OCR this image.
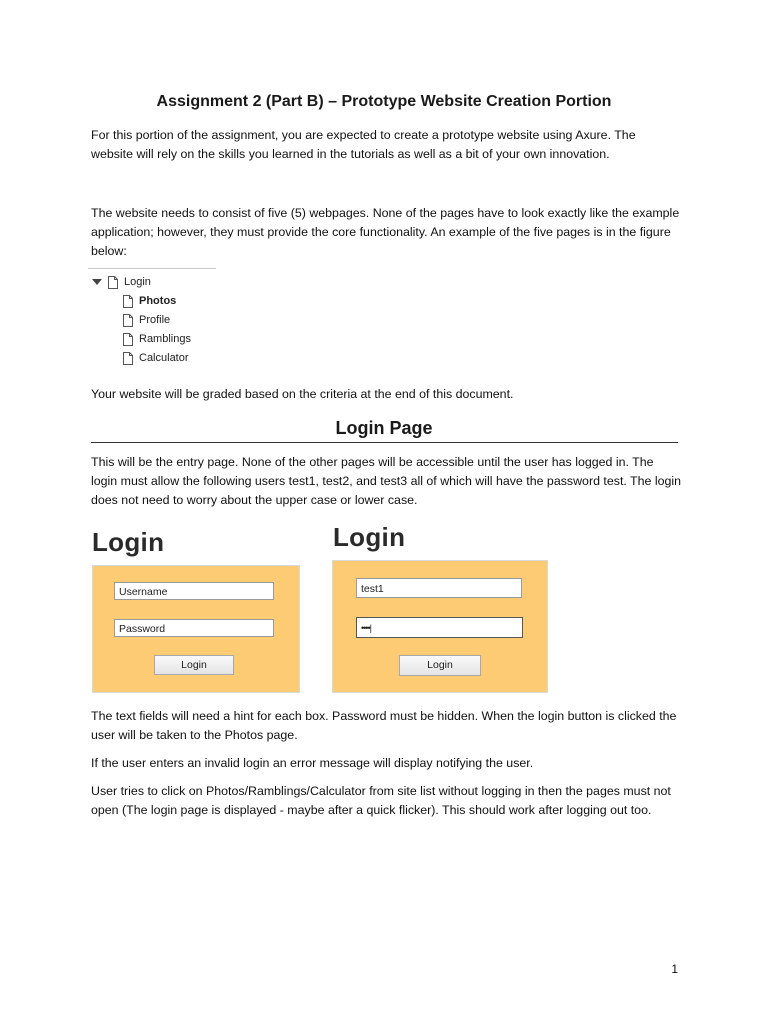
Assignment 2 (Part B) – Prototype Website Creation Portion
For this portion of the assignment, you are expected to create a prototype website using Axure. The website will rely on the skills you learned in the tutorials as well as a bit of your own innovation.
The website needs to consist of five (5) webpages. None of the pages have to look exactly like the example application; however, they must provide the core functionality. An example of the five pages is in the figure below:
Login
Photos
Profile
Ramblings
Calculator
Your website will be graded based on the criteria at the end of this document.
Login Page
This will be the entry page. None of the other pages will be accessible until the user has logged in. The login must allow the following users test1, test2, and test3 all of which will have the password test. The login does not need to worry about the upper case or lower case.
Login
Username
Password
Login
Login
test1
••••|
Login
The text fields will need a hint for each box. Password must be hidden. When the login button is clicked the user will be taken to the Photos page.
If the user enters an invalid login an error message will display notifying the user.
User tries to click on Photos/Ramblings/Calculator from site list without logging in then the pages must not open (The login page is displayed - maybe after a quick flicker). This should work after logging out too.
1
